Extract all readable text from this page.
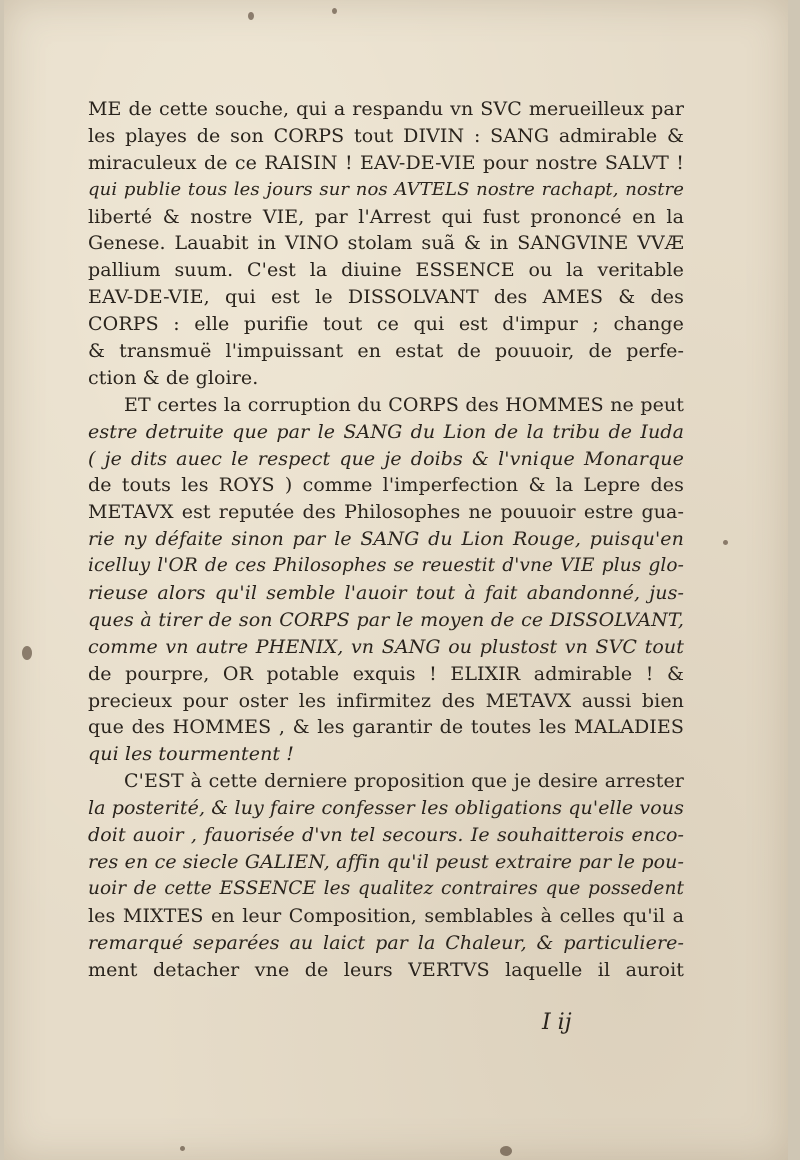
ME de cette souche, qui a respandu vn SVC merueilleux par
les playes de son CORPS tout DIVIN : SANG admirable &
miraculeux de ce RAISIN ! EAV-DE-VIE pour nostre SALVT !
qui publie tous les jours sur nos AVTELS nostre rachapt, nostre
liberté & nostre VIE, par l'Arrest qui fust prononcé en la
Genese. Lauabit in VINO stolam suã & in SANGVINE VVÆ
pallium suum. C'est la diuine ESSENCE ou la veritable
EAV-DE-VIE, qui est le DISSOLVANT des AMES & des
CORPS : elle purifie tout ce qui est d'impur ; change
& transmuë l'impuissant en estat de pouuoir, de perfe-
ction & de gloire.
ET certes la corruption du CORPS des HOMMES ne peut
estre detruite que par le SANG du Lion de la tribu de Iuda
( je dits auec le respect que je doibs & l'vnique Monarque
de touts les ROYS ) comme l'imperfection & la Lepre des
METAVX est reputée des Philosophes ne pouuoir estre gua-
rie ny défaite sinon par le SANG du Lion Rouge, puisqu'en
icelluy l'OR de ces Philosophes se reuestit d'vne VIE plus glo-
rieuse alors qu'il semble l'auoir tout à fait abandonné, jus-
ques à tirer de son CORPS par le moyen de ce DISSOLVANT,
comme vn autre PHENIX, vn SANG ou plustost vn SVC tout
de pourpre, OR potable exquis ! ELIXIR admirable ! &
precieux pour oster les infirmitez des METAVX aussi bien
que des HOMMES , & les garantir de toutes les MALADIES
qui les tourmentent !
C'EST à cette derniere proposition que je desire arrester
la posterité, & luy faire confesser les obligations qu'elle vous
doit auoir , fauorisée d'vn tel secours. Ie souhaitterois enco-
res en ce siecle GALIEN, affin qu'il peust extraire par le pou-
uoir de cette ESSENCE les qualitez contraires que possedent
les MIXTES en leur Composition, semblables à celles qu'il a
remarqué separées au laict par la Chaleur, & particuliere-
ment detacher vne de leurs VERTVS laquelle il auroit
I ij
